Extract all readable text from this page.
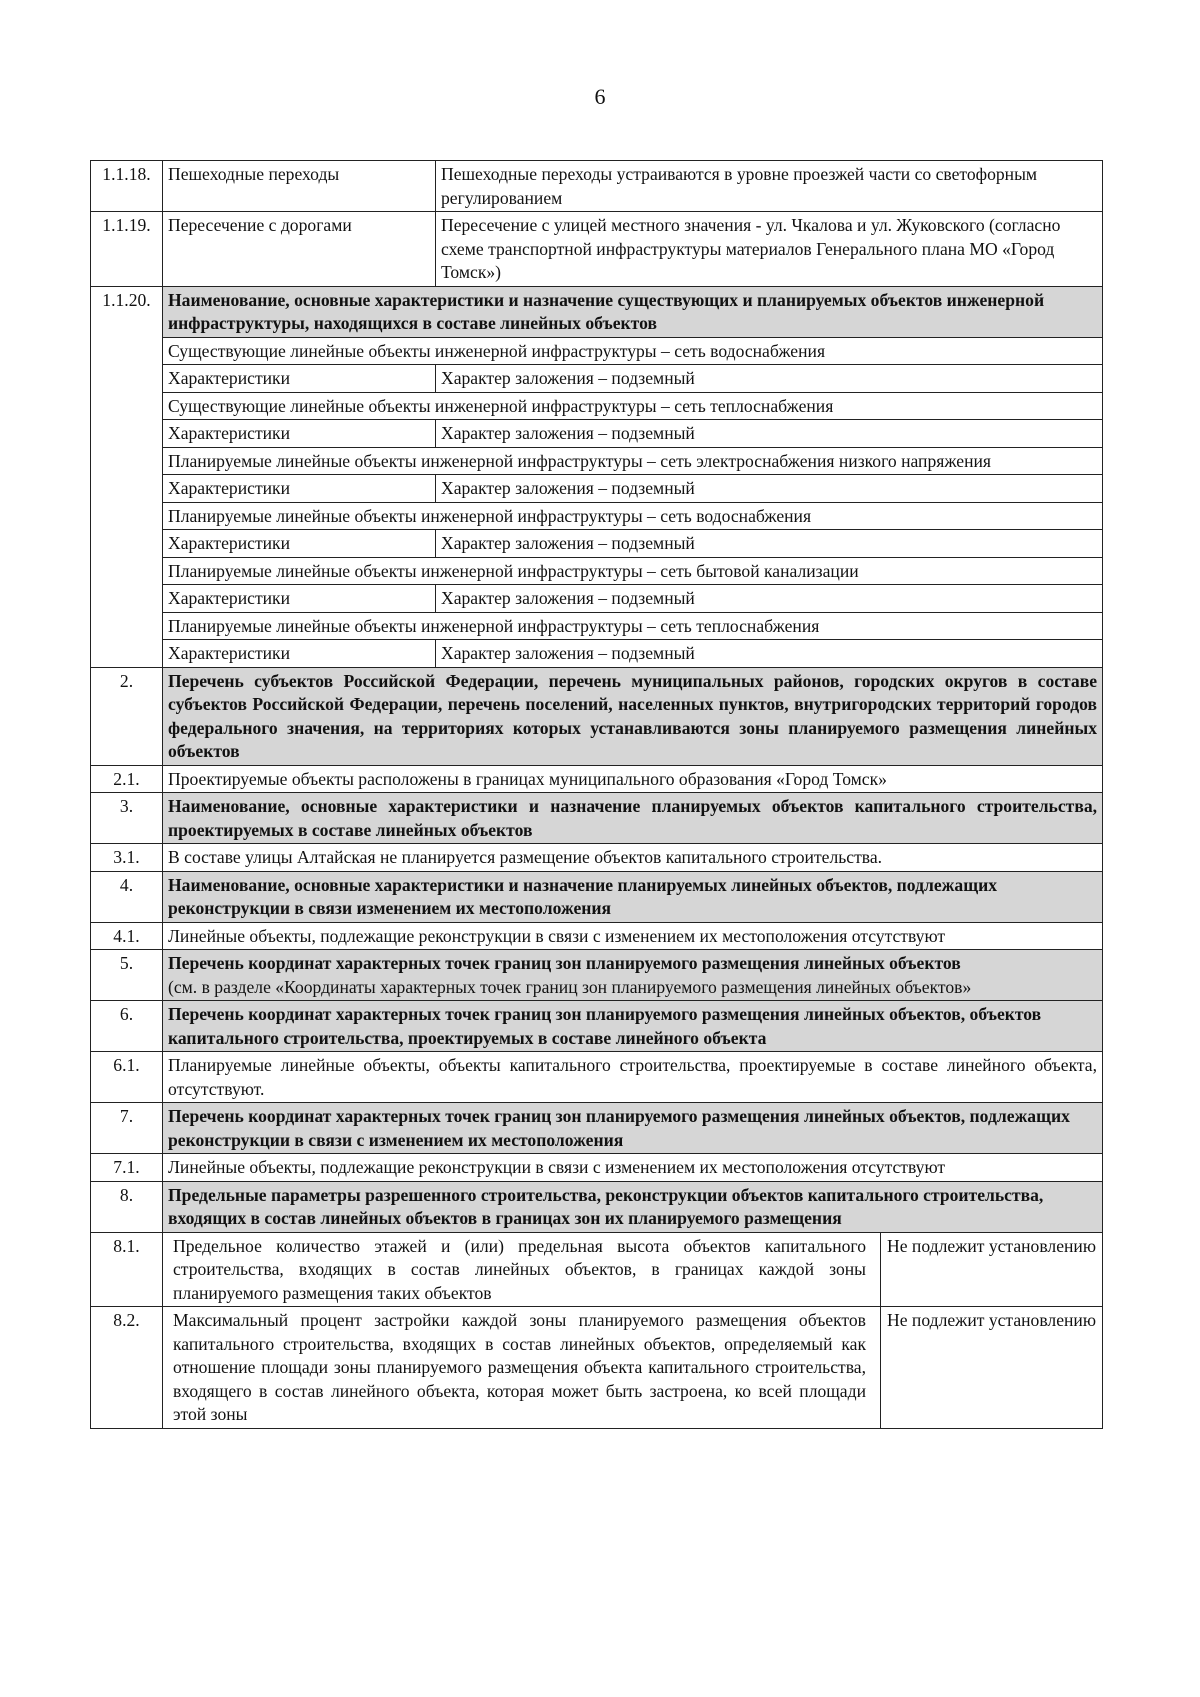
6
1.1.18.	Пешеходные переходы	Пешеходные переходы устраиваются в уровне проезжей части со светофорным регулированием	
1.1.19.	Пересечение с дорогами	Пересечение с улицей местного значения - ул. Чкалова и ул. Жуковского (согласно схеме транспортной инфраструктуры материалов Генерального плана МО «Город Томск»)	
1.1.20.	Наименование, основные характеристики и назначение существующих и планируемых объектов инженерной инфраструктуры, находящихся в составе линейных объектов		
	Существующие линейные объекты инженерной инфраструктуры – сеть водоснабжения		
	Характеристики	Характер заложения – подземный	
	Существующие линейные объекты инженерной инфраструктуры – сеть теплоснабжения		
	Характеристики	Характер заложения – подземный	
	Планируемые линейные объекты инженерной инфраструктуры – сеть электроснабжения низкого напряжения		
	Характеристики	Характер заложения – подземный	
	Планируемые линейные объекты инженерной инфраструктуры – сеть водоснабжения		
	Характеристики	Характер заложения – подземный	
	Планируемые линейные объекты инженерной инфраструктуры – сеть бытовой канализации		
	Характеристики	Характер заложения – подземный	
	Планируемые линейные объекты инженерной инфраструктуры – сеть теплоснабжения		
	Характеристики	Характер заложения – подземный	
2.	Перечень субъектов Российской Федерации, перечень муниципальных районов, городских округов в составе субъектов Российской Федерации, перечень поселений, населенных пунктов, внутригородских территорий городов федерального значения, на территориях которых устанавливаются зоны планируемого размещения линейных объектов		
2.1.	Проектируемые объекты расположены в границах муниципального образования «Город Томск»		
3.	Наименование, основные характеристики и назначение планируемых объектов капитального строительства, проектируемых в составе линейных объектов		
3.1.	В составе улицы Алтайская не планируется размещение объектов капитального строительства.		
4.	Наименование, основные характеристики и назначение планируемых линейных объектов, подлежащих реконструкции в связи изменением их местоположения		
4.1.	Линейные объекты, подлежащие реконструкции в связи с изменением их местоположения отсутствуют		
5.	Перечень координат характерных точек границ зон планируемого размещения линейных объектов
(см. в разделе «Координаты характерных точек границ зон планируемого размещения линейных объектов»		

6.	Перечень координат характерных точек границ зон планируемого размещения линейных объектов, объектов капитального строительства, проектируемых в составе линейного объекта		
6.1.	Планируемые линейные объекты, объекты капитального строительства, проектируемые в составе линейного объекта, отсутствуют.		
7.	Перечень координат характерных точек границ зон планируемого размещения линейных объектов, подлежащих реконструкции в связи с изменением их местоположения		
7.1.	Линейные объекты, подлежащие реконструкции в связи с изменением их местоположения отсутствуют		
8.	Предельные параметры разрешенного строительства, реконструкции объектов капитального строительства, входящих в состав линейных объектов в границах зон их планируемого размещения		
8.1.	Предельное количество этажей и (или) предельная высота объектов капитального строительства, входящих в состав линейных объектов, в границах каждой зоны планируемого размещения таких объектов		Не подлежит установлению
8.2.	Максимальный процент застройки каждой зоны планируемого размещения объектов капитального строительства, входящих в состав линейных объектов, определяемый как отношение площади зоны планируемого размещения объекта капитального строительства, входящего в состав линейного объекта, которая может быть застроена, ко всей площади этой зоны		Не подлежит установлению
